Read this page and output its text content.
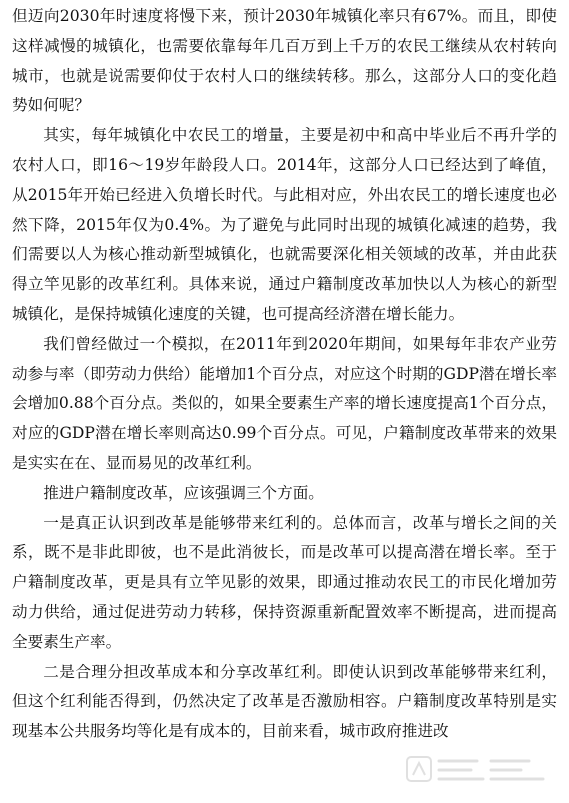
但迈向2030年时速度将慢下来，预计2030年城镇化率只有67%。而且，即使这样减慢的城镇化，也需要依靠每年几百万到上千万的农民工继续从农村转向城市，也就是说需要仰仗于农村人口的继续转移。那么，这部分人口的变化趋势如何呢？

其实，每年城镇化中农民工的增量，主要是初中和高中毕业后不再升学的农村人口，即16～19岁年龄段人口。2014年，这部分人口已经达到了峰值，从2015年开始已经进入负增长时代。与此相对应，外出农民工的增长速度也必然下降，2015年仅为0.4%。为了避免与此同时出现的城镇化减速的趋势，我们需要以人为核心推动新型城镇化，也就需要深化相关领域的改革，并由此获得立竿见影的改革红利。具体来说，通过户籍制度改革加快以人为核心的新型城镇化，是保持城镇化速度的关键，也可提高经济潜在增长能力。

我们曾经做过一个模拟，在2011年到2020年期间，如果每年非农产业劳动参与率（即劳动力供给）能增加1个百分点，对应这个时期的GDP潜在增长率会增加0.88个百分点。类似的，如果全要素生产率的增长速度提高1个百分点，对应的GDP潜在增长率则高达0.99个百分点。可见，户籍制度改革带来的效果是实实在在、显而易见的改革红利。

推进户籍制度改革，应该强调三个方面。

一是真正认识到改革是能够带来红利的。总体而言，改革与增长之间的关系，既不是非此即彼，也不是此消彼长，而是改革可以提高潜在增长率。至于户籍制度改革，更是具有立竿见影的效果，即通过推动农民工的市民化增加劳动力供给，通过促进劳动力转移，保持资源重新配置效率不断提高，进而提高全要素生产率。

二是合理分担改革成本和分享改革红利。即使认识到改革能够带来红利，但这个红利能否得到，仍然决定了改革是否激励相容。户籍制度改革特别是实现基本公共服务均等化是有成本的，目前来看，城市政府推进改
